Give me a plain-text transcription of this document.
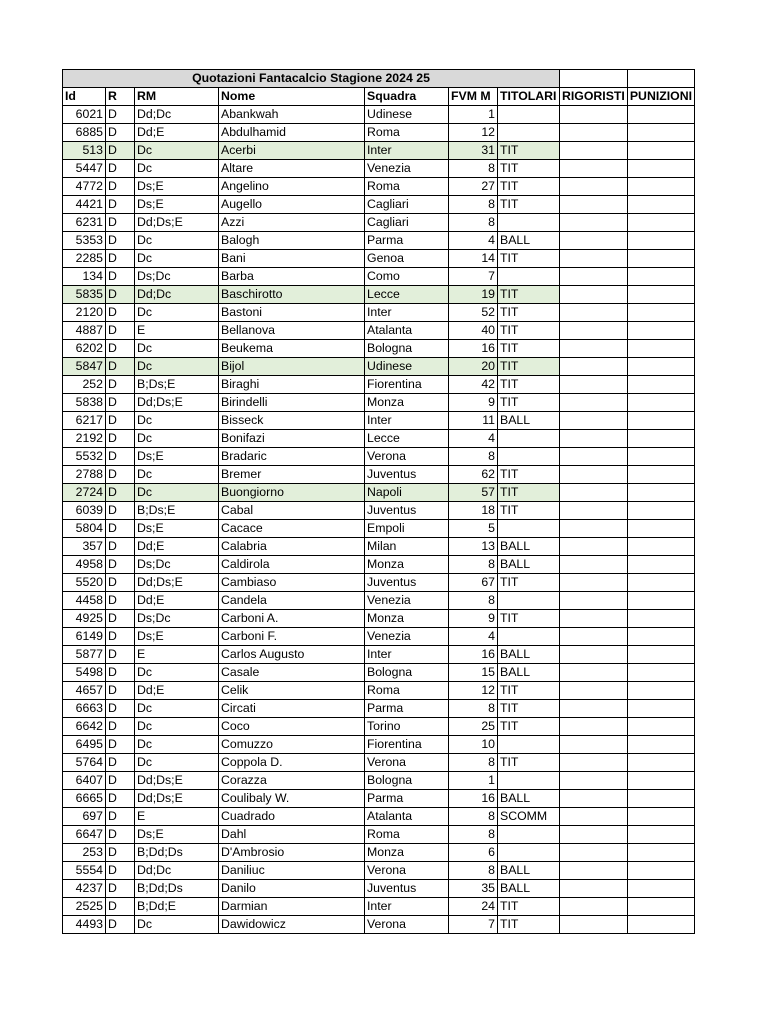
Quotazioni Fantacalcio Stagione 2024 25								
Id	R	RM	Nome	Squadra	FVM M	TITOLARI	RIGORISTI	PUNIZIONI
6021	D	Dd;Dc	Abankwah	Udinese	1			
6885	D	Dd;E	Abdulhamid	Roma	12			
513	D	Dc	Acerbi	Inter	31	TIT		
5447	D	Dc	Altare	Venezia	8	TIT		
4772	D	Ds;E	Angelino	Roma	27	TIT		
4421	D	Ds;E	Augello	Cagliari	8	TIT		
6231	D	Dd;Ds;E	Azzi	Cagliari	8			
5353	D	Dc	Balogh	Parma	4	BALL		
2285	D	Dc	Bani	Genoa	14	TIT		
134	D	Ds;Dc	Barba	Como	7			
5835	D	Dd;Dc	Baschirotto	Lecce	19	TIT		
2120	D	Dc	Bastoni	Inter	52	TIT		
4887	D	E	Bellanova	Atalanta	40	TIT		
6202	D	Dc	Beukema	Bologna	16	TIT		
5847	D	Dc	Bijol	Udinese	20	TIT		
252	D	B;Ds;E	Biraghi	Fiorentina	42	TIT		
5838	D	Dd;Ds;E	Birindelli	Monza	9	TIT		
6217	D	Dc	Bisseck	Inter	11	BALL		
2192	D	Dc	Bonifazi	Lecce	4			
5532	D	Ds;E	Bradaric	Verona	8			
2788	D	Dc	Bremer	Juventus	62	TIT		
2724	D	Dc	Buongiorno	Napoli	57	TIT		
6039	D	B;Ds;E	Cabal	Juventus	18	TIT		
5804	D	Ds;E	Cacace	Empoli	5			
357	D	Dd;E	Calabria	Milan	13	BALL		
4958	D	Ds;Dc	Caldirola	Monza	8	BALL		
5520	D	Dd;Ds;E	Cambiaso	Juventus	67	TIT		
4458	D	Dd;E	Candela	Venezia	8			
4925	D	Ds;Dc	Carboni A.	Monza	9	TIT		
6149	D	Ds;E	Carboni F.	Venezia	4			
5877	D	E	Carlos Augusto	Inter	16	BALL		
5498	D	Dc	Casale	Bologna	15	BALL		
4657	D	Dd;E	Celik	Roma	12	TIT		
6663	D	Dc	Circati	Parma	8	TIT		
6642	D	Dc	Coco	Torino	25	TIT		
6495	D	Dc	Comuzzo	Fiorentina	10			
5764	D	Dc	Coppola D.	Verona	8	TIT		
6407	D	Dd;Ds;E	Corazza	Bologna	1			
6665	D	Dd;Ds;E	Coulibaly W.	Parma	16	BALL		
697	D	E	Cuadrado	Atalanta	8	SCOMM		
6647	D	Ds;E	Dahl	Roma	8			
253	D	B;Dd;Ds	D'Ambrosio	Monza	6			
5554	D	Dd;Dc	Daniliuc	Verona	8	BALL		
4237	D	B;Dd;Ds	Danilo	Juventus	35	BALL		
2525	D	B;Dd;E	Darmian	Inter	24	TIT		
4493	D	Dc	Dawidowicz	Verona	7	TIT		
